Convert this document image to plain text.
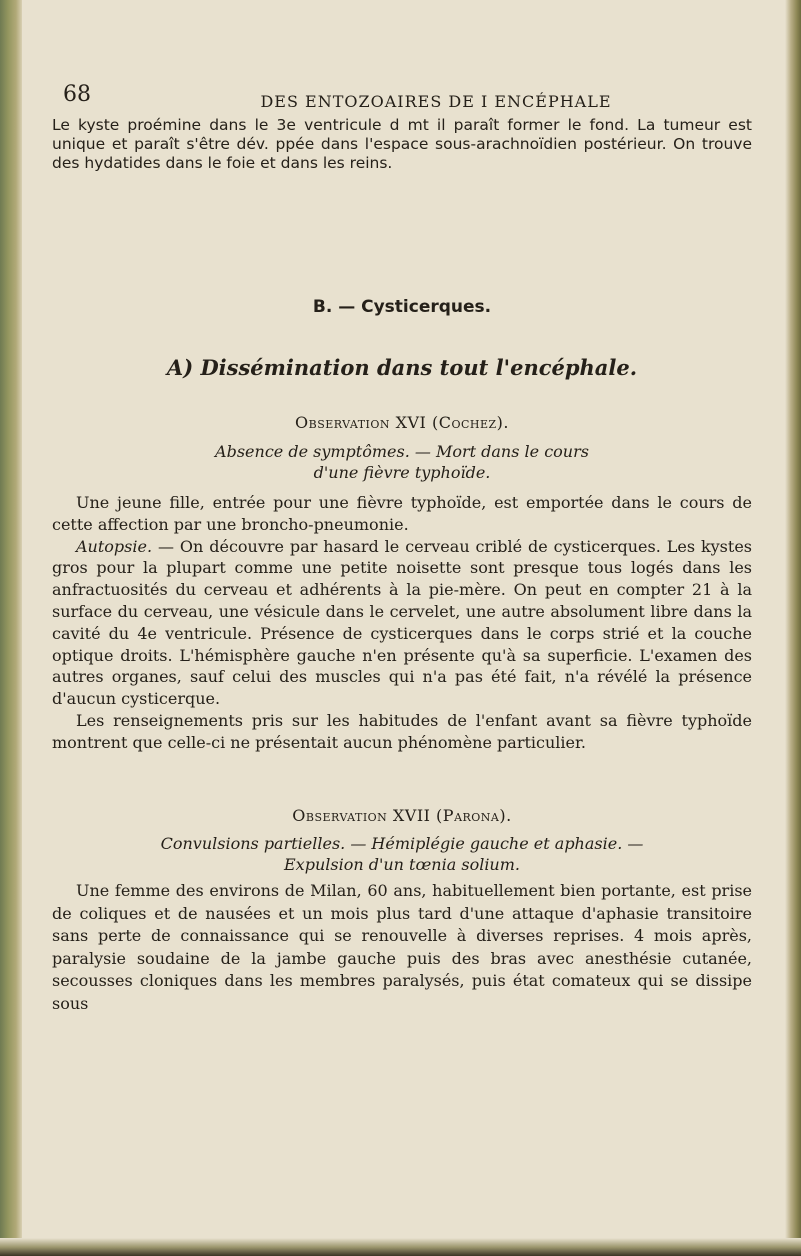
68	DES ENTOZOAIRES DE I ENCÉPHALE
Le kyste proémine dans le 3e ventricule d mt il paraît former le fond. La tumeur est unique et paraît s'être dév. ppée dans l'espace sous-arachnoïdien postérieur. On trouve des hydatides dans le foie et dans les reins.
B. — Cysticerques.
A) Dissémination dans tout l'encéphale.
Observation XVI (Cochez).
Absence de symptômes. — Mort dans le cours
d'une fièvre typhoïde.

Une jeune fille, entrée pour une fièvre typhoïde, est emportée dans le cours de cette affection par une broncho-pneumonie.

Autopsie. — On découvre par hasard le cerveau criblé de cysticerques. Les kystes gros pour la plupart comme une petite noisette sont presque tous logés dans les anfractuosités du cerveau et adhérents à la pie-mère. On peut en compter 21 à la surface du cerveau, une vésicule dans le cervelet, une autre absolument libre dans la cavité du 4e ventricule. Présence de cysticerques dans le corps strié et la couche optique droits. L'hémisphère gauche n'en présente qu'à sa superficie. L'examen des autres organes, sauf celui des muscles qui n'a pas été fait, n'a révélé la présence d'aucun cysticerque.

Les renseignements pris sur les habitudes de l'enfant avant sa fièvre typhoïde montrent que celle-ci ne présentait aucun phénomène particulier.

Observation XVII (Parona).
Convulsions partielles. — Hémiplégie gauche et aphasie. —
Expulsion d'un tœnia solium.

Une femme des environs de Milan, 60 ans, habituellement bien portante, est prise de coliques et de nausées et un mois plus tard d'une attaque d'aphasie transitoire sans perte de connaissance qui se renouvelle à diverses reprises. 4 mois après, paralysie soudaine de la jambe gauche puis des bras avec anesthésie cutanée, secousses cloniques dans les membres paralysés, puis état comateux qui se dissipe sous
